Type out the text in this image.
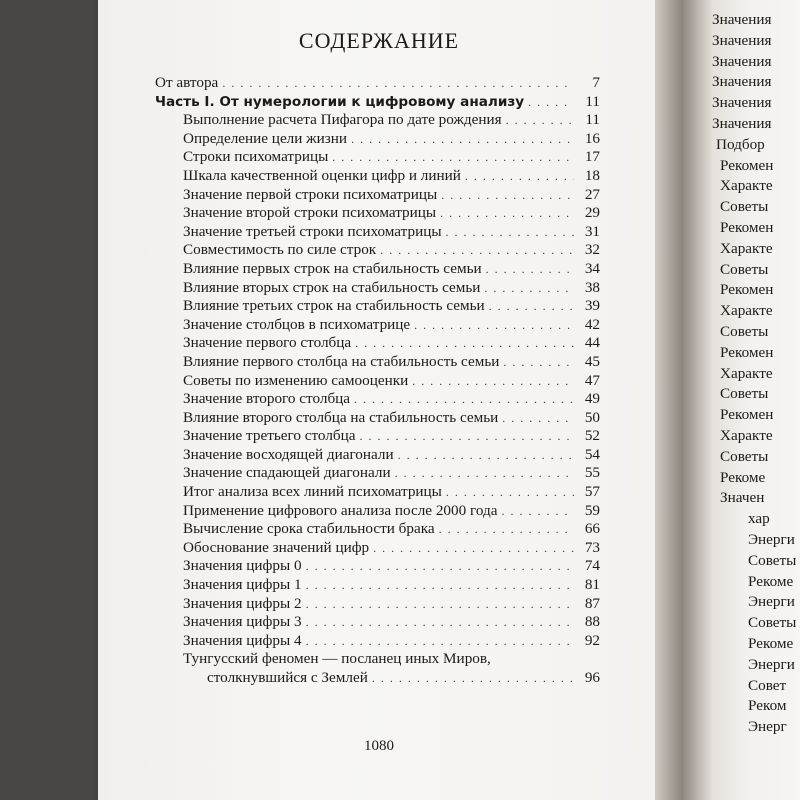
Значения
Значения
Значения
Значения
Значения
Значения
Подбор
Рекомен
Характе
Советы
Рекомен
Характе
Советы
Рекомен
Характе
Советы
Рекомен
Характе
Советы
Рекомен
Характе
Советы
Рекоме
Значен
хар
Энерги
Советы
Рекоме
Энерги
Советы
Рекоме
Энерги
Совет
Реком
Энерг
СОДЕРЖАНИЕ
От автора . . .	7
Часть I. От нумерологии к цифровому анализу . . .	11
Выполнение расчета Пифагора по дате рождения . . .	11
Определение цели жизни . . .	16
Строки психоматрицы . . .	17
Шкала качественной оценки цифр и линий . . .	18
Значение первой строки психоматрицы . . .	27
Значение второй строки психоматрицы . . .	29
Значение третьей строки психоматрицы . . .	31
Совместимость по силе строк . . .	32
Влияние первых строк на стабильность семьи . . .	34
Влияние вторых строк на стабильность семьи . . .	38
Влияние третьих строк на стабильность семьи . . .	39
Значение столбцов в психоматрице . . .	42
Значение первого столбца . . .	44
Влияние первого столбца на стабильность семьи . . .	45
Советы по изменению самооценки . . .	47
Значение второго столбца . . .	49
Влияние второго столбца на стабильность семьи . . .	50
Значение третьего столбца . . .	52
Значение восходящей диагонали . . .	54
Значение спадающей диагонали . . .	55
Итог анализа всех линий психоматрицы . . .	57
Применение цифрового анализа после 2000 года . . .	59
Вычисление срока стабильности брака . . .	66
Обоснование значений цифр . . .	73
Значения цифры 0 . . .	74
Значения цифры 1 . . .	81
Значения цифры 2 . . .	87
Значения цифры 3 . . .	88
Значения цифры 4 . . .	92
Тунгусский феномен — посланец иных Миров,
столкнувшийся с Землей . . .	96
1080
